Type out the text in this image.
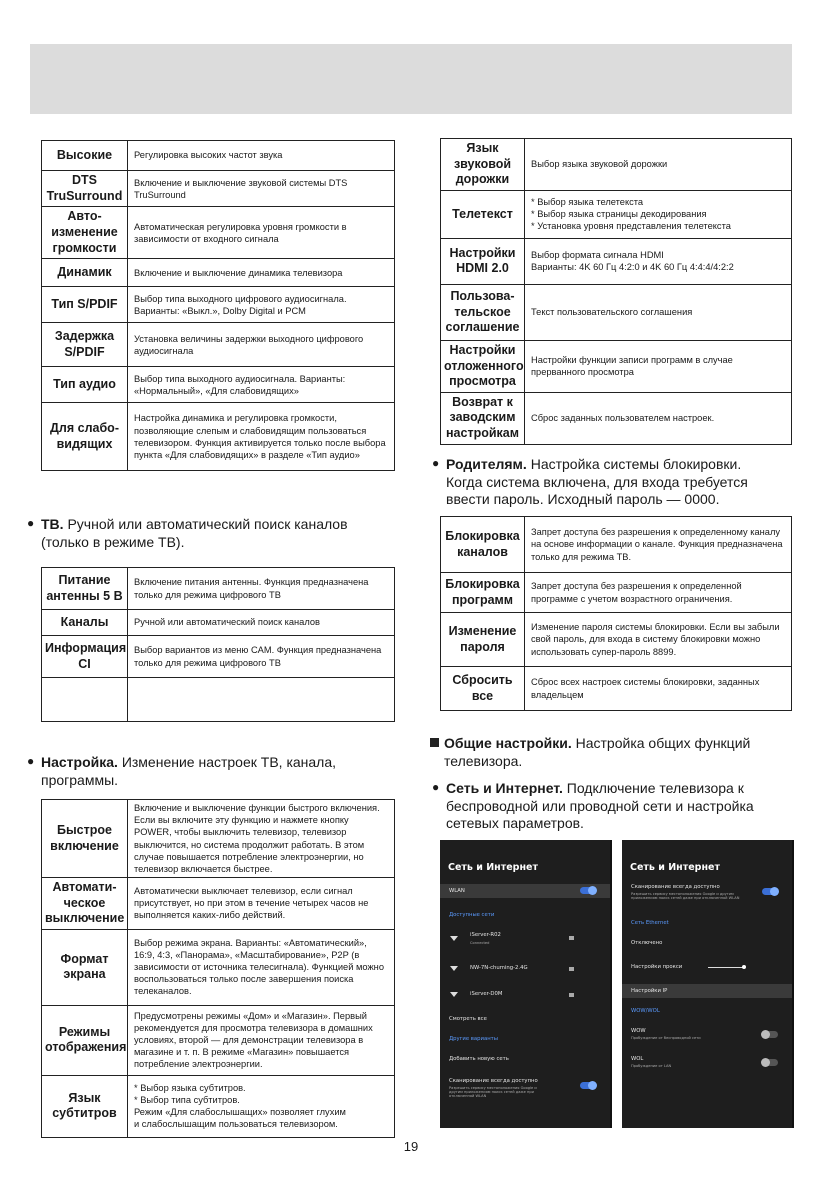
Высокие	Регулировка высоких частот звука
DTS TruSurround	Включение и выключение звуковой системы DTS TruSurround
Авто-изменение громкости	Автоматическая регулировка уровня громкости в зависимости от входного сигнала
Динамик	Включение и выключение динамика телевизора
Тип S/PDIF	Выбор типа выходного цифрового аудиосигнала. Варианты: «Выкл.», Dolby Digital и PCM
Задержка S/PDIF	Установка величины задержки выходного цифрового аудиосигнала
Тип аудио	Выбор типа выходного аудиосигнала. Варианты: «Нормальный», «Для слабовидящих»
Для слабо-видящих	Настройка динамика и регулировка громкости, позволяющие слепым и слабовидящим пользоваться телевизором. Функция активируется только после выбора пункта «Для слабовидящих» в разделе «Тип аудио»
● ТВ. Ручной или автоматический поиск каналов (только в режиме ТВ).
Питание антенны 5 В	Включение питания антенны. Функция предназначена только для режима цифрового ТВ
Каналы	Ручной или автоматический поиск каналов
Информация CI	Выбор вариантов из меню CAM. Функция предназначена только для режима цифрового ТВ

● Настройка. Изменение настроек ТВ, канала, программы.
Быстрое включение	Включение и выключение функции быстрого включения. Если вы включите эту функцию и нажмете кнопку POWER, чтобы выключить телевизор, телевизор выключится, но система продолжит работать. В этом случае повышается потребление электроэнергии, но телевизор включается быстрее.
Автомати-ческое выключение	Автоматически выключает телевизор, если сигнал присутствует, но при этом в течение четырех часов не выполняется каких-либо действий.
Формат экрана	Выбор режима экрана. Варианты: «Автоматический», 16:9, 4:3, «Панорама», «Масштабирование», P2P (в зависимости от источника телесигнала). Функцией можно воспользоваться только после завершения поиска телеканалов.
Режимы отображения	Предусмотрены режимы «Дом» и «Магазин». Первый рекомендуется для просмотра телевизора в домашних условиях, второй — для демонстрации телевизора в магазине и т. п. В режиме «Магазин» повышается потребление электроэнергии.
Язык субтитров	* Выбор языка субтитров.
* Выбор типа субтитров.
Режим «Для слабослышащих» позволяет глухим
и слабослышащим пользоваться телевизором.
Язык звуковой дорожки	Выбор языка звуковой дорожки
Телетекст	* Выбор языка телетекста
* Выбор языка страницы декодирования
* Установка уровня представления телетекста
Настройки HDMI 2.0	Выбор формата сигнала HDMI
Варианты: 4K 60 Гц 4:2:0 и 4K 60 Гц 4:4:4/4:2:2
Пользова-тельское соглашение	Текст пользовательского соглашения
Настройки отложенного просмотра	Настройки функции записи программ в случае прерванного просмотра
Возврат к заводским настройкам	Сброс заданных пользователем настроек.
● Родителям. Настройка системы блокировки. Когда система включена, для входа требуется ввести пароль. Исходный пароль — 0000.
Блокировка каналов	Запрет доступа без разрешения к определенному каналу на основе информации о канале. Функция предназначена только для режима ТВ.
Блокировка программ	Запрет доступа без разрешения к определенной программе с учетом возрастного ограничения.
Изменение пароля	Изменение пароля системы блокировки. Если вы забыли свой пароль, для входа в систему блокировки можно использовать супер-пароль 8899.
Сбросить все	Сброс всех настроек системы блокировки, заданных владельцем
Общие настройки. Настройка общих функций телевизора.
● Сеть и Интернет. Подключение телевизора к беспроводной или проводной сети и настройка сетевых параметров.
Сеть и Интернет
WLAN
Доступные сети
iServer-R02
Connected
NW-7N-chuming-2.4G
iServer-D0M
Смотреть все
Другие варианты
Добавить новую сеть
Сканирование всегда доступно
Разрешить сервису местоположения Google и другим приложениям поиск сетей даже при отключенной WLAN
Сеть и Интернет
Сканирование всегда доступно
Разрешить сервису местоположения Google и другим приложениям поиск сетей даже при отключенной WLAN
Сеть Ethernet
Отключено
Настройки прокси
Настройки IP
WOW/WOL
WOW
Пробуждение от беспроводной сети
WOL
Пробуждение от LAN
19
